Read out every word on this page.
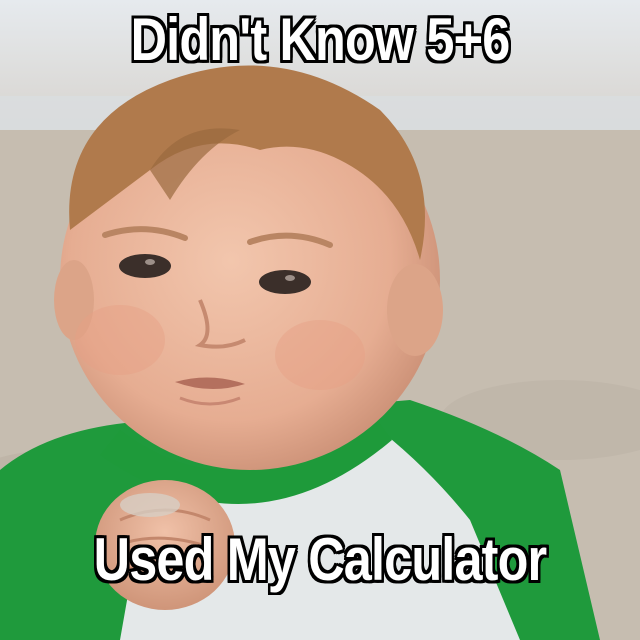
Didn't Know 5+6
Used My Calculator
